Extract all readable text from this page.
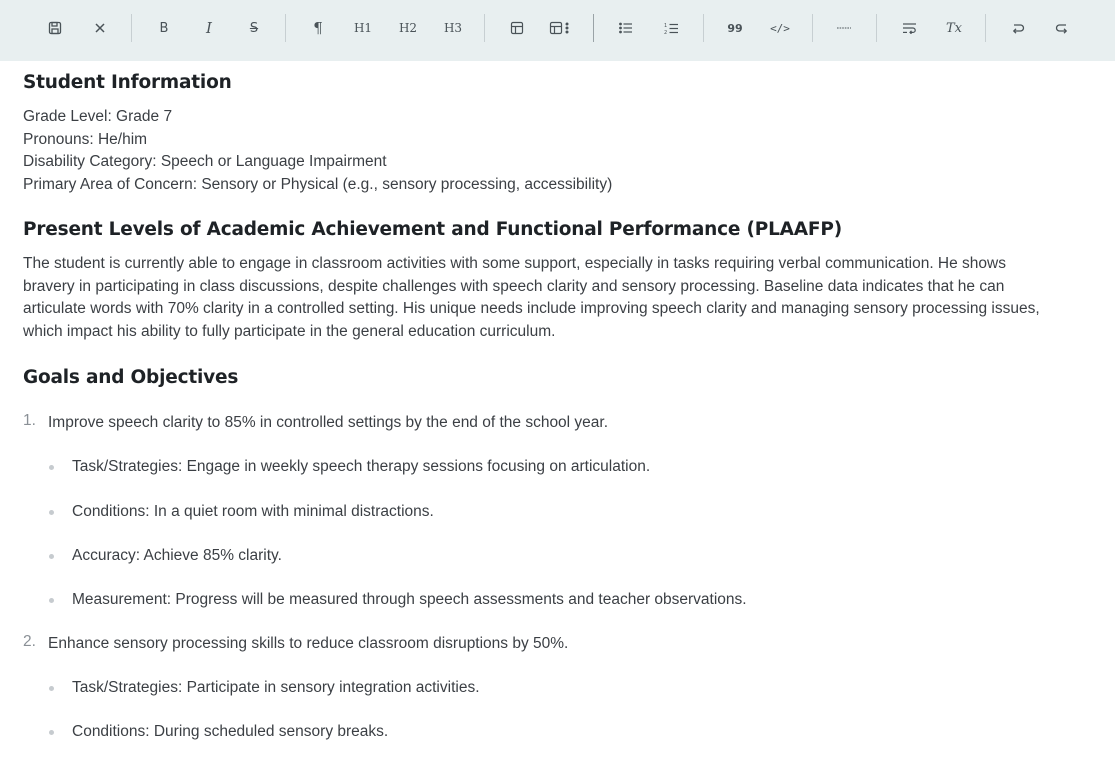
B	I	S	¶	H1 H2 H3	1
2	99 </>	Tx
Student Information
Grade Level: Grade 7
Pronouns: He/him
Disability Category: Speech or Language Impairment
Primary Area of Concern: Sensory or Physical (e.g., sensory processing, accessibility)
Present Levels of Academic Achievement and Functional Performance (PLAAFP)
The student is currently able to engage in classroom activities with some support, especially in tasks requiring verbal communication. He shows
bravery in participating in class discussions, despite challenges with speech clarity and sensory processing. Baseline data indicates that he can
articulate words with 70% clarity in a controlled setting. His unique needs include improving speech clarity and managing sensory processing issues,
which impact his ability to fully participate in the general education curriculum.
Goals and Objectives
1. Improve speech clarity to 85% in controlled settings by the end of the school year.
Task/Strategies: Engage in weekly speech therapy sessions focusing on articulation.
Conditions: In a quiet room with minimal distractions.
Accuracy: Achieve 85% clarity.
Measurement: Progress will be measured through speech assessments and teacher observations.
2. Enhance sensory processing skills to reduce classroom disruptions by 50%.
Task/Strategies: Participate in sensory integration activities.
Conditions: During scheduled sensory breaks.
